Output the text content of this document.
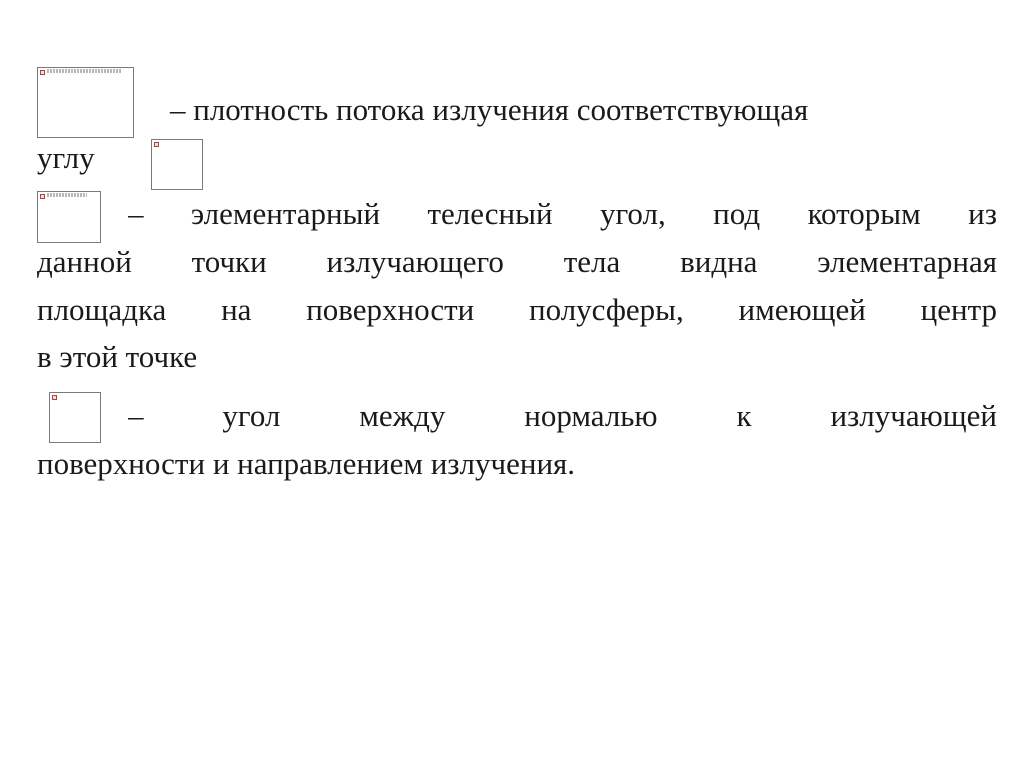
– плотность потока излучения соответствующая
углу
– элементарный телесный угол, под которым из
данной точки излучающего тела видна элементарная
площадка на поверхности полусферы, имеющей центр
в этой точке
– угол между нормалью к излучающей
поверхности и направлением излучения.
